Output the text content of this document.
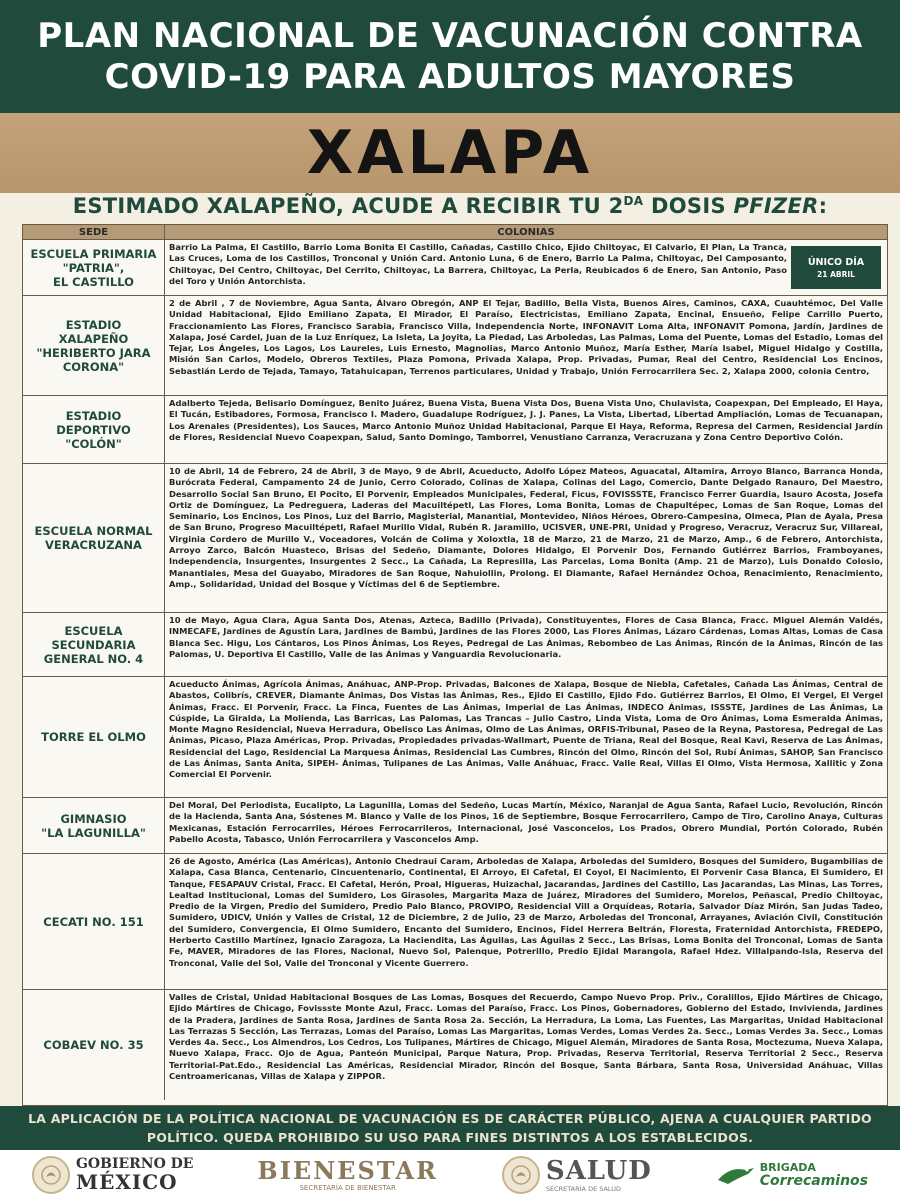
PLAN NACIONAL DE VACUNACIÓN CONTRA
COVID-19 PARA ADULTOS MAYORES
XALAPA
ESTIMADO XALAPEÑO, ACUDE A RECIBIR TU $2^{DA}$ DOSIS PFIZER:
SEDE	COLONIAS
ESCUELA PRIMARIA
"PATRIA",
EL CASTILLO
Barrio La Palma, El Castillo, Barrio Loma Bonita El Castillo, Cañadas, Castillo Chico, Ejido Chiltoyac, El Calvario, El Plan, La Tranca, Las Cruces, Loma de los Castillos, Tronconal y Unión Card. Antonio Luna, 6 de Enero, Barrio La Palma, Chiltoyac, Del Camposanto, Chiltoyac, Del Centro, Chiltoyac, Del Cerrito, Chiltoyac, La Barrera, Chiltoyac, La Perla, Reubicados 6 de Enero, San Antonio, Paso del Toro y Unión Antorchista.
ÚNICO DÍA
21 ABRIL
ESTADIO
XALAPEÑO
"HERIBERTO JARA
CORONA"
2 de Abril , 7 de Noviembre, Agua Santa, Álvaro Obregón, ANP El Tejar, Badillo, Bella Vista, Buenos Aires, Caminos, CAXA, Cuauhtémoc, Del Valle Unidad Habitacional, Ejido Emiliano Zapata, El Mirador, El Paraíso, Electricistas, Emiliano Zapata, Encinal, Ensueño, Felipe Carrillo Puerto, Fraccionamiento Las Flores, Francisco Sarabia, Francisco Villa, Independencia Norte, INFONAVIT Loma Alta, INFONAVIT Pomona, Jardín, Jardines de Xalapa, José Cardel, Juan de la Luz Enríquez, La Isleta, La Joyita, La Piedad, Las Arboledas, Las Palmas, Loma del Puente, Lomas del Estadio, Lomas del Tejar, Los Ángeles, Los Lagos, Los Laureles, Luis Ernesto, Magnolias, Marco Antonio Muñoz, María Esther, María Isabel, Miguel Hidalgo y Costilla, Misión San Carlos, Modelo, Obreros Textiles, Plaza Pomona, Privada Xalapa, Prop. Privadas, Pumar, Real del Centro, Residencial Los Encinos, Sebastián Lerdo de Tejada, Tamayo, Tatahuicapan, Terrenos particulares, Unidad y Trabajo, Unión Ferrocarrilera Sec. 2, Xalapa 2000, colonia Centro,
ESTADIO
DEPORTIVO
"COLÓN"
Adalberto Tejeda, Belisario Domínguez, Benito Juárez, Buena Vista, Buena Vista Dos, Buena Vista Uno, Chulavista, Coapexpan, Del Empleado, El Haya, El Tucán, Estibadores, Formosa, Francisco I. Madero, Guadalupe Rodríguez, J. J. Panes, La Vista, Libertad, Libertad Ampliación, Lomas de Tecuanapan, Los Arenales (Presidentes), Los Sauces, Marco Antonio Muñoz Unidad Habitacional, Parque El Haya, Reforma, Represa del Carmen, Residencial Jardín de Flores, Residencial Nuevo Coapexpan, Salud, Santo Domingo, Tamborrel, Venustiano Carranza, Veracruzana y Zona Centro Deportivo Colón.
ESCUELA NORMAL
VERACRUZANA
10 de Abril, 14 de Febrero, 24 de Abril, 3 de Mayo, 9 de Abril, Acueducto, Adolfo López Mateos, Aguacatal, Altamira, Arroyo Blanco, Barranca Honda, Burócrata Federal, Campamento 24 de Junio, Cerro Colorado, Colinas de Xalapa, Colinas del Lago, Comercio, Dante Delgado Ranauro, Del Maestro, Desarrollo Social San Bruno, El Pocito, El Porvenir, Empleados Municipales, Federal, Ficus, FOVISSSTE, Francisco Ferrer Guardia, Isauro Acosta, Josefa Ortiz de Domínguez, La Pedreguera, Laderas del Macuiltépetl, Las Flores, Loma Bonita, Lomas de Chapultépec, Lomas de San Roque, Lomas del Seminario, Los Encinos, Los Pinos, Luz del Barrio, Magisterial, Manantial, Montevideo, Niños Héroes, Obrero-Campesina, Olmeca, Plan de Ayala, Presa de San Bruno, Progreso Macuiltépetl, Rafael Murillo Vidal, Rubén R. Jaramillo, UCISVER, UNE-PRI, Unidad y Progreso, Veracruz, Veracruz Sur, Villareal, Virginia Cordero de Murillo V., Voceadores, Volcán de Colima y Xoloxtla, 18 de Marzo, 21 de Marzo, 21 de Marzo, Amp., 6 de Febrero, Antorchista, Arroyo Zarco, Balcón Huasteco, Brisas del Sedeño, Diamante, Dolores Hidalgo, El Porvenir Dos, Fernando Gutiérrez Barrios, Framboyanes, Independencia, Insurgentes, Insurgentes 2 Secc., La Cañada, La Represilla, Las Parcelas, Loma Bonita (Amp. 21 de Marzo), Luis Donaldo Colosio, Manantiales, Mesa del Guayabo, Miradores de San Roque, Nahuiollin, Prolong. El Diamante, Rafael Hernández Ochoa, Renacimiento, Renacimiento, Amp., Solidaridad, Unidad del Bosque y Víctimas del 6 de Septiembre.
ESCUELA
SECUNDARIA
GENERAL NO. 4
10 de Mayo, Agua Clara, Agua Santa Dos, Atenas, Azteca, Badillo (Privada), Constituyentes, Flores de Casa Blanca, Fracc. Miguel Alemán Valdés, INMECAFE, Jardines de Agustín Lara, Jardines de Bambú, Jardines de las Flores 2000, Las Flores Ánimas, Lázaro Cárdenas, Lomas Altas, Lomas de Casa Blanca Sec. Higu, Los Cántaros, Los Pinos Ánimas, Los Reyes, Pedregal de Las Ánimas, Rebombeo de Las Ánimas, Rincón de la Ánimas, Rincón de las Palomas, U. Deportiva El Castillo, Valle de las Ánimas y Vanguardia Revolucionaria.
TORRE EL OLMO
Acueducto Ánimas, Agrícola Ánimas, Anáhuac, ANP-Prop. Privadas, Balcones de Xalapa, Bosque de Niebla, Cafetales, Cañada Las Ánimas, Central de Abastos, Colibrís, CREVER, Diamante Ánimas, Dos Vistas las Ánimas, Res., Ejido El Castillo, Ejido Fdo. Gutiérrez Barrios, El Olmo, El Vergel, El Vergel Ánimas, Fracc. El Porvenir, Fracc. La Finca, Fuentes de Las Ánimas, Imperial de Las Ánimas, INDECO Ánimas, ISSSTE, Jardines de Las Ánimas, La Cúspide, La Giralda, La Molienda, Las Barricas, Las Palomas, Las Trancas – Julio Castro, Linda Vista, Loma de Oro Ánimas, Loma Esmeralda Ánimas, Monte Magno Residencial, Nueva Herradura, Obelisco Las Ánimas, Olmo de Las Ánimas, ORFIS-Tribunal, Paseo de la Reyna, Pastoresa, Pedregal de Las Ánimas, Picaso, Plaza Américas, Prop. Privadas, Propiedades privadas-Wallmart, Puente de Triana, Real del Bosque, Real Kavi, Reserva de Las Ánimas, Residencial del Lago, Residencial La Marquesa Ánimas, Residencial Las Cumbres, Rincón del Olmo, Rincón del Sol, Rubí Ánimas, SAHOP, San Francisco de Las Ánimas, Santa Anita, SIPEH- Ánimas, Tulipanes de Las Ánimas, Valle Anáhuac, Fracc. Valle Real, Villas El Olmo, Vista Hermosa, Xallitic y Zona Comercial El Porvenir.
GIMNASIO
"LA LAGUNILLA"
Del Moral, Del Periodista, Eucalipto, La Lagunilla, Lomas del Sedeño, Lucas Martín, México, Naranjal de Agua Santa, Rafael Lucio, Revolución, Rincón de la Hacienda, Santa Ana, Sóstenes M. Blanco y Valle de los Pinos, 16 de Septiembre, Bosque Ferrocarrilero, Campo de Tiro, Carolino Anaya, Culturas Mexicanas, Estación Ferrocarriles, Héroes Ferrocarrileros, Internacional, José Vasconcelos, Los Prados, Obrero Mundial, Portón Colorado, Rubén Pabello Acosta, Tabasco, Unión Ferrocarrilera y Vasconcelos Amp.
CECATI NO. 151
26 de Agosto, América (Las Américas), Antonio Chedraui Caram, Arboledas de Xalapa, Arboledas del Sumidero, Bosques del Sumidero, Bugambilias de Xalapa, Casa Blanca, Centenario, Cincuentenario, Continental, El Arroyo, El Cafetal, El Coyol, El Nacimiento, El Porvenir Casa Blanca, El Sumidero, El Tanque, FESAPAUV Cristal, Fracc. El Cafetal, Herón, Proal, Higueras, Huizachal, Jacarandas, Jardines del Castillo, Las Jacarandas, Las Minas, Las Torres, Lealtad Institucional, Lomas del Sumidero, Los Girasoles, Margarita Maza de Juárez, Miradores del Sumidero, Morelos, Peñascal, Predio Chiltoyac, Predio de la Virgen, Predio del Sumidero, Predio Palo Blanco, PROVIPO, Residencial Vill a Orquídeas, Rotaria, Salvador Díaz Mirón, San Judas Tadeo, Sumidero, UDICV, Unión y Valles de Cristal, 12 de Diciembre, 2 de Julio, 23 de Marzo, Arboledas del Tronconal, Arrayanes, Aviación Civil, Constitución del Sumidero, Convergencia, El Olmo Sumidero, Encanto del Sumidero, Encinos, Fidel Herrera Beltrán, Floresta, Fraternidad Antorchista, FREDEPO, Herberto Castillo Martínez, Ignacio Zaragoza, La Haciendita, Las Águilas, Las Águilas 2 Secc., Las Brisas, Loma Bonita del Tronconal, Lomas de Santa Fe, MAVER, Miradores de las Flores, Nacional, Nuevo Sol, Palenque, Potrerillo, Predio Ejidal Marangola, Rafael Hdez. Villalpando-Isla, Reserva del Tronconal, Valle del Sol, Valle del Tronconal y Vicente Guerrero.
COBAEV NO. 35
Valles de Cristal, Unidad Habitacional Bosques de Las Lomas, Bosques del Recuerdo, Campo Nuevo Prop. Priv., Coralillos, Ejido Mártires de Chicago, Ejido Mártires de Chicago, Fovissste Monte Azul, Fracc. Lomas del Paraíso, Fracc. Los Pinos, Gobernadores, Gobierno del Estado, Invivienda, Jardines de la Pradera, Jardines de Santa Rosa, Jardines de Santa Rosa 2a. Sección, La Herradura, La Loma, Las Fuentes, Las Margaritas, Unidad Habitacional Las Terrazas 5 Sección, Las Terrazas, Lomas del Paraíso, Lomas Las Margaritas, Lomas Verdes, Lomas Verdes 2a. Secc., Lomas Verdes 3a. Secc., Lomas Verdes 4a. Secc., Los Almendros, Los Cedros, Los Tulipanes, Mártires de Chicago, Miguel Alemán, Miradores de Santa Rosa, Moctezuma, Nueva Xalapa, Nuevo Xalapa, Fracc. Ojo de Agua, Panteón Municipal, Parque Natura, Prop. Privadas, Reserva Territorial, Reserva Territorial 2 Secc., Reserva Territorial-Pat.Edo., Residencial Las Américas, Residencial Mirador, Rincón del Bosque, Santa Bárbara, Santa Rosa, Universidad Anáhuac, Villas Centroamericanas, Villas de Xalapa y ZIPPOR.
LA APLICACIÓN DE LA POLÍTICA NACIONAL DE VACUNACIÓN ES DE CARÁCTER PÚBLICO, AJENA A CUALQUIER PARTIDO
POLÍTICO. QUEDA PROHIBIDO SU USO PARA FINES DISTINTOS A LOS ESTABLECIDOS.
GOBIERNO DE
MÉXICO	BIENESTAR
SECRETARÍA DE BIENESTAR
SALUD
SECRETARÍA DE SALUD
BRIGADA
Correcaminos
